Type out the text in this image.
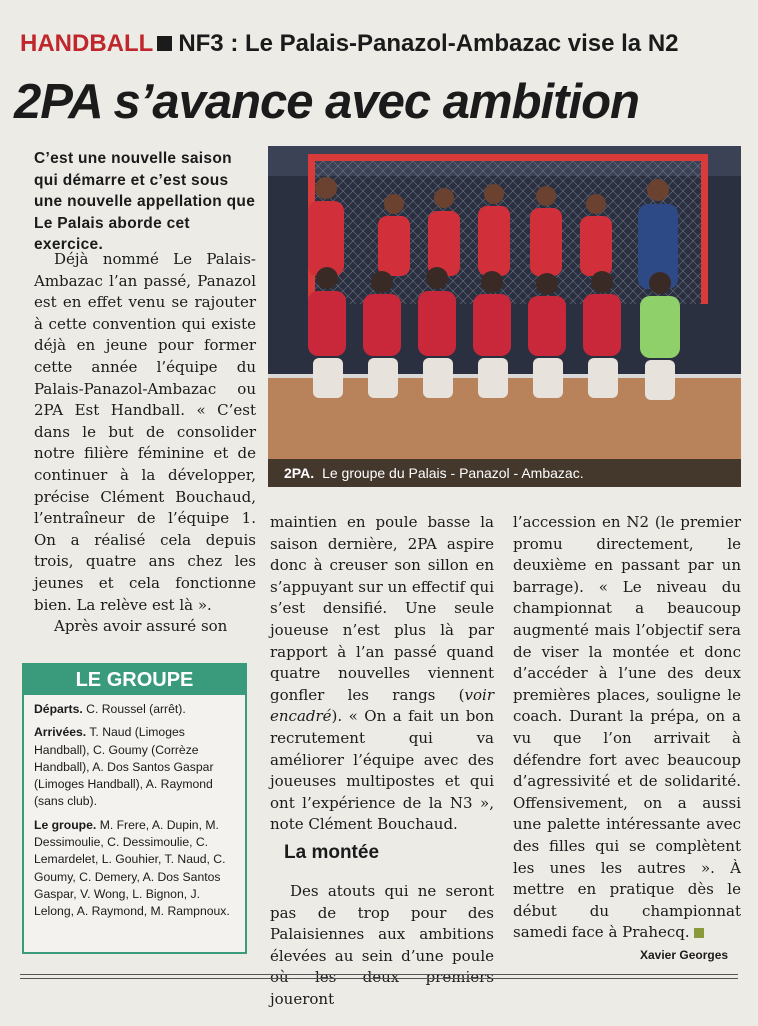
HANDBALL NF3 : Le Palais-Panazol-Ambazac vise la N2
2PA s’avance avec ambition
C’est une nouvelle saison qui démarre et c’est sous une nouvelle appellation que Le Palais aborde cet exercice.
2PA. Le groupe du Palais - Panazol - Ambazac.

Déjà nommé Le Palais-Ambazac l’an passé, Panazol est en effet venu se rajouter à cette convention qui existe déjà en jeune pour former cette année l’équipe du Palais-Panazol-Ambazac ou 2PA Est Handball. « C’est dans le but de consolider notre filière féminine et de continuer à la développer, précise Clément Bouchaud, l’entraîneur de l’équipe 1. On a réalisé cela depuis trois, quatre ans chez les jeunes et cela fonctionne bien. La relève est là ».

Après avoir assuré son

LE GROUPE

Départs. C. Roussel (arrêt).

Arrivées. T. Naud (Limoges Handball), C. Goumy (Corrèze Handball), A. Dos Santos Gaspar (Limoges Handball), A. Raymond (sans club).

Le groupe. M. Frere, A. Dupin, M. Dessimoulie, C. Dessimoulie, C. Lemardelet, L. Gouhier, T. Naud, C. Goumy, C. Demery, A. Dos Santos Gaspar, V. Wong, L. Bignon, J. Lelong, A. Raymond, M. Rampnoux.

maintien en poule basse la saison dernière, 2PA aspire donc à creuser son sillon en s’appuyant sur un effectif qui s’est densifié. Une seule joueuse n’est plus là par rapport à l’an passé quand quatre nouvelles viennent gonfler les rangs (voir encadré). « On a fait un bon recrutement qui va améliorer l’équipe avec des joueuses multipostes et qui ont l’expérience de la N3 », note Clément Bouchaud.

La montée

Des atouts qui ne seront pas de trop pour des Palaisiennes aux ambitions élevées au sein d’une poule où les deux premiers joueront

l’accession en N2 (le premier promu directement, le deuxième en passant par un barrage). « Le niveau du championnat a beaucoup augmenté mais l’objectif sera de viser la montée et donc d’accéder à l’une des deux premières places, souligne le coach. Durant la prépa, on a vu que l’on arrivait à défendre fort avec beaucoup d’agressivité et de solidarité. Offensivement, on a aussi une palette intéressante avec des filles qui se complètent les unes les autres ». À mettre en pratique dès le début du championnat samedi face à Prahecq.

Xavier Georges
